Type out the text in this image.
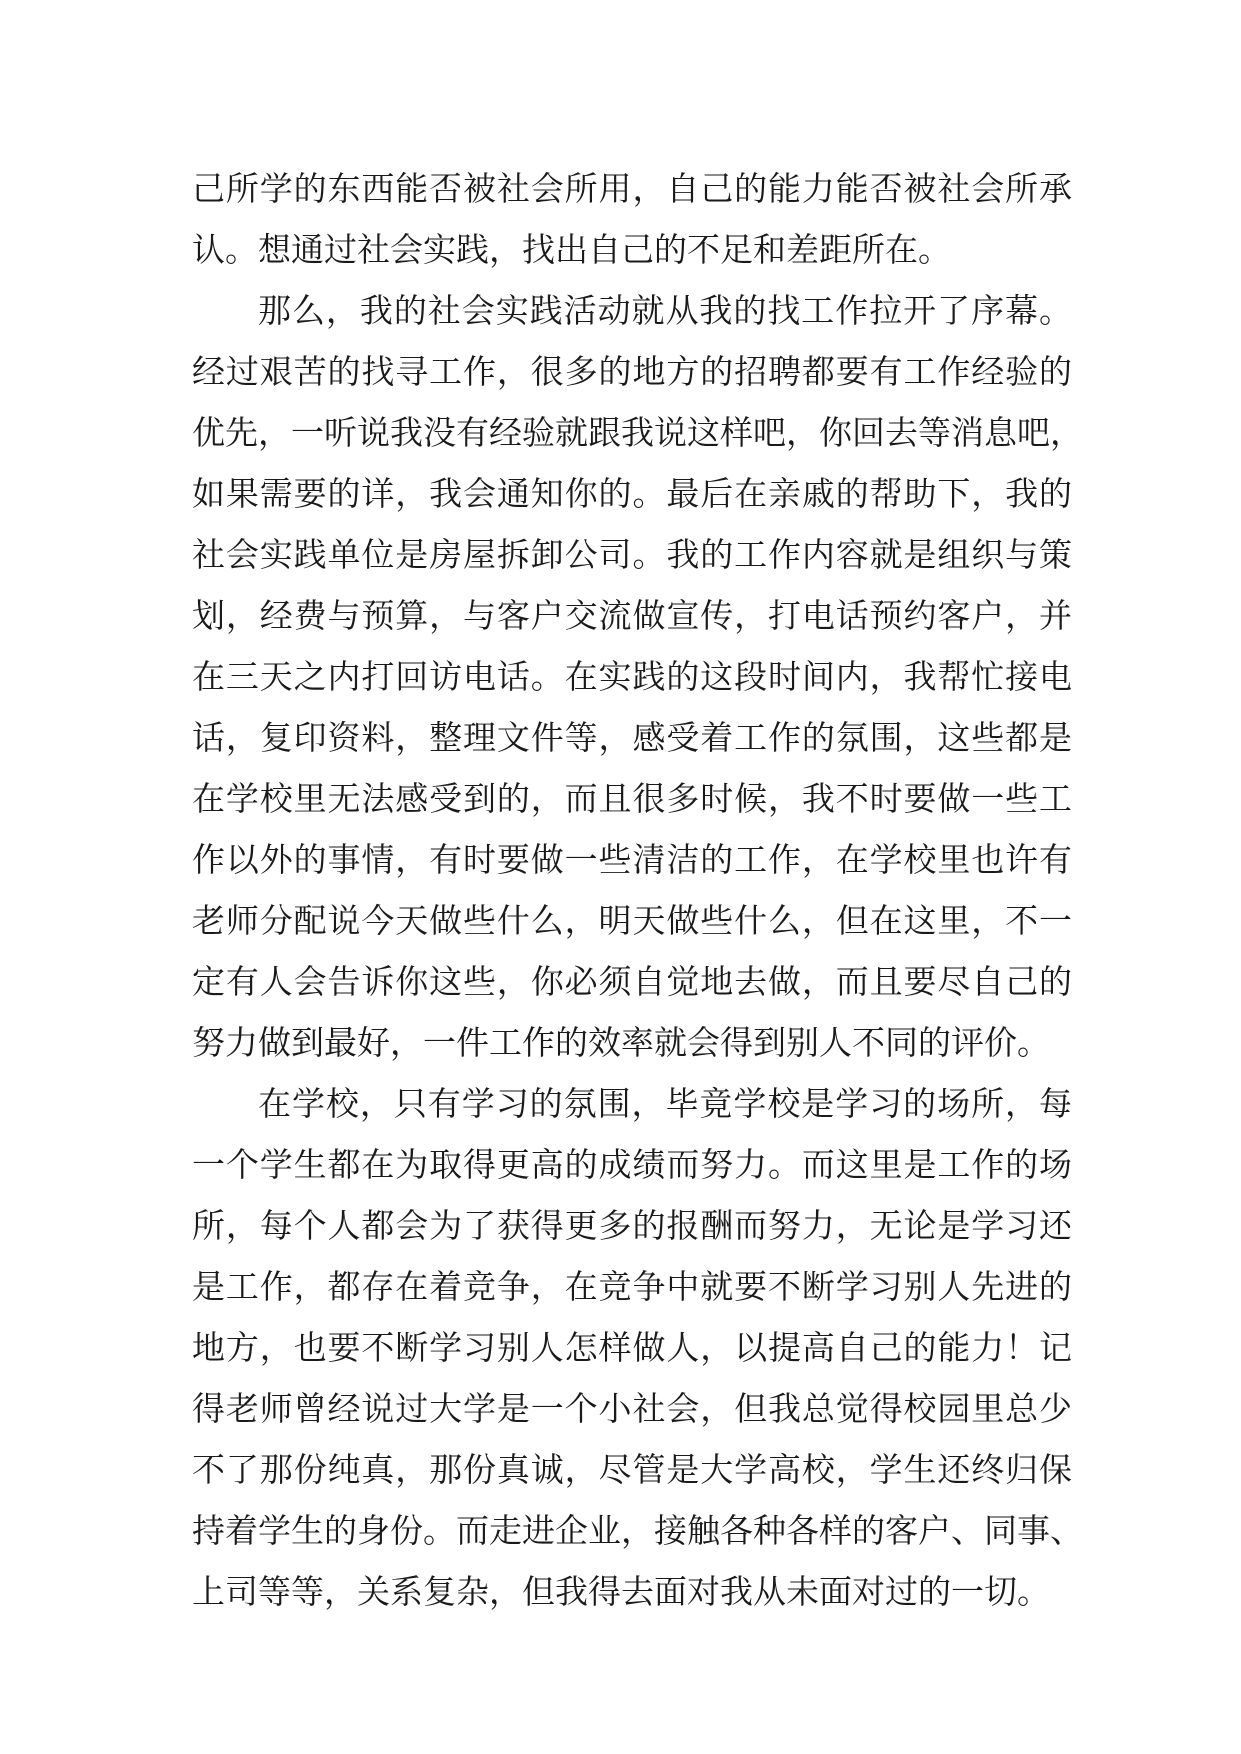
己所学的东西能否被社会所用，自己的能力能否被社会所承
认。想通过社会实践，找出自己的不足和差距所在。
那么，我的社会实践活动就从我的找工作拉开了序幕。
经过艰苦的找寻工作，很多的地方的招聘都要有工作经验的
优先，一听说我没有经验就跟我说这样吧，你回去等消息吧，
如果需要的详，我会通知你的。最后在亲戚的帮助下，我的
社会实践单位是房屋拆卸公司。我的工作内容就是组织与策
划，经费与预算，与客户交流做宣传，打电话预约客户，并
在三天之内打回访电话。在实践的这段时间内，我帮忙接电
话，复印资料，整理文件等，感受着工作的氛围，这些都是
在学校里无法感受到的，而且很多时候，我不时要做一些工
作以外的事情，有时要做一些清洁的工作，在学校里也许有
老师分配说今天做些什么，明天做些什么，但在这里，不一
定有人会告诉你这些，你必须自觉地去做，而且要尽自己的
努力做到最好，一件工作的效率就会得到别人不同的评价。
在学校，只有学习的氛围，毕竟学校是学习的场所，每
一个学生都在为取得更高的成绩而努力。而这里是工作的场
所，每个人都会为了获得更多的报酬而努力，无论是学习还
是工作，都存在着竞争，在竞争中就要不断学习别人先进的
地方，也要不断学习别人怎样做人，以提高自己的能力！记
得老师曾经说过大学是一个小社会，但我总觉得校园里总少
不了那份纯真，那份真诚，尽管是大学高校，学生还终归保
持着学生的身份。而走进企业，接触各种各样的客户、同事、
上司等等，关系复杂，但我得去面对我从未面对过的一切。
